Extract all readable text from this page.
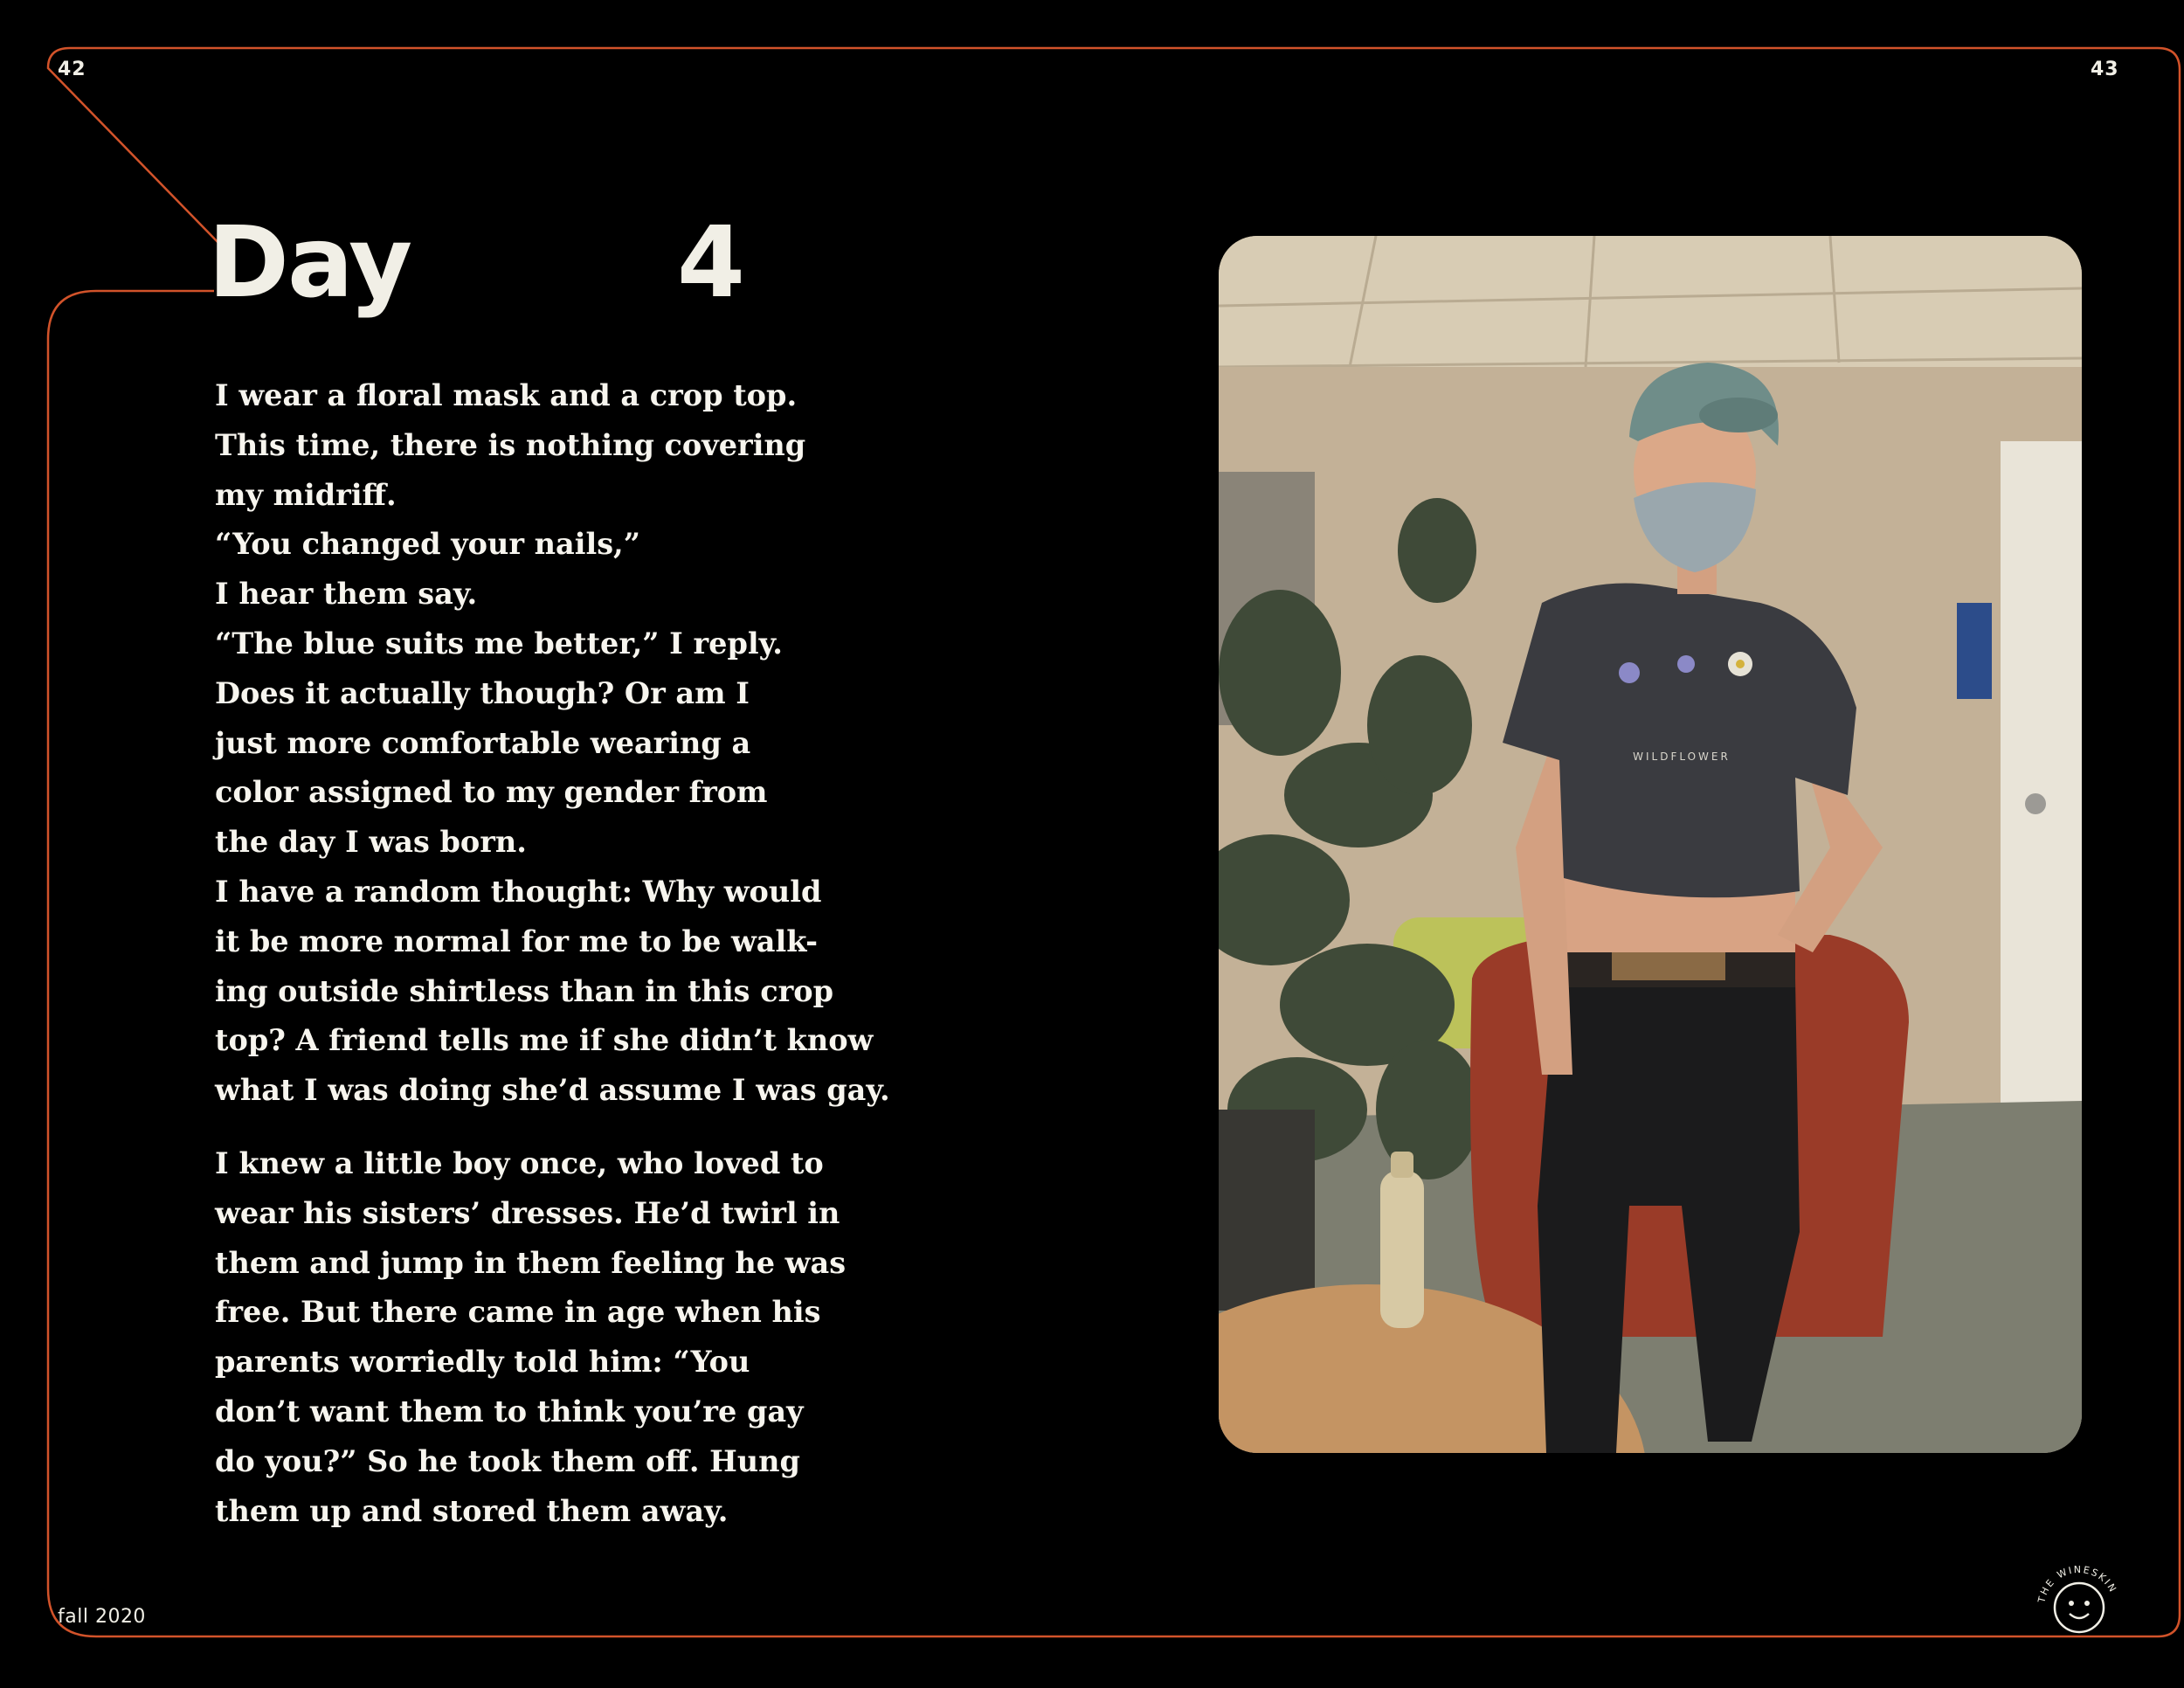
42	43
Day	4
I wear a floral mask and a crop top.
This time, there is nothing covering
my midriff.
“You changed your nails,”
I hear them say.
“The blue suits me better,” I reply.
Does it actually though? Or am I
just more comfortable wearing a
color assigned to my gender from
the day I was born.
I have a random thought: Why would
it be more normal for me to be walk-
ing outside shirtless than in this crop
top? A friend tells me if she didn’t know
what I was doing she’d assume I was gay.
I knew a little boy once, who loved to
wear his sisters’ dresses. He’d twirl in
them and jump in them feeling he was
free. But there came in age when his
parents worriedly told him: “You
don’t want them to think you’re gay
do you?” So he took them off. Hung
them up and stored them away.
WILDFLOWER
fall 2020
THE WINESKIN
